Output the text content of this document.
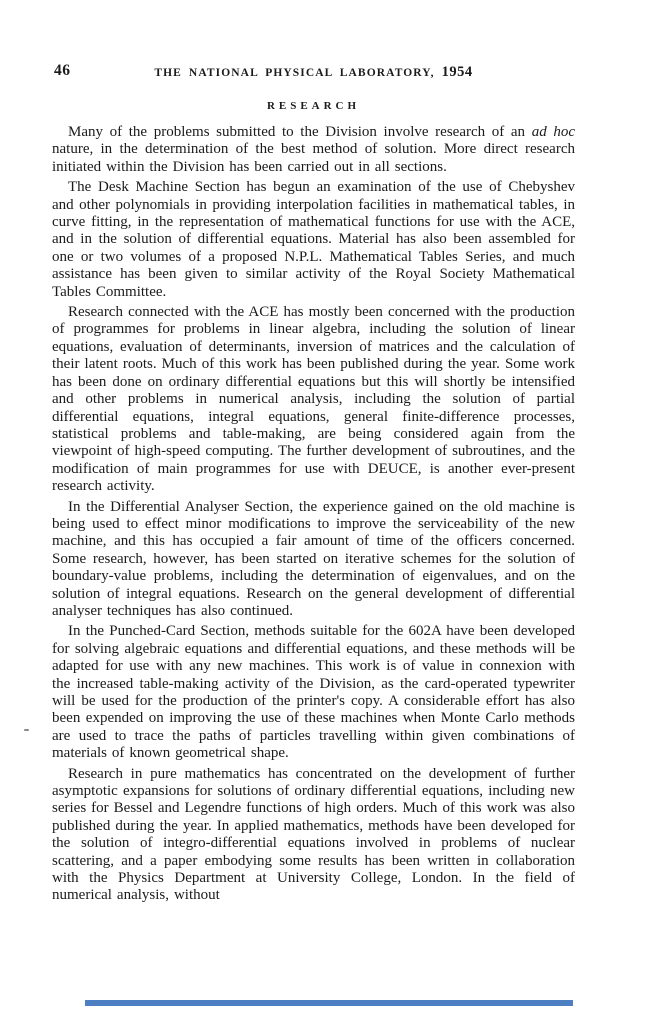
46	THE NATIONAL PHYSICAL LABORATORY, 1954
RESEARCH

Many of the problems submitted to the Division involve research of an ad hoc nature, in the determination of the best method of solution. More direct research initiated within the Division has been carried out in all sections.

The Desk Machine Section has begun an examination of the use of Chebyshev and other polynomials in providing interpolation facilities in mathematical tables, in curve fitting, in the representation of mathematical functions for use with the ACE, and in the solution of differential equations. Material has also been assembled for one or two volumes of a proposed N.P.L. Mathematical Tables Series, and much assistance has been given to similar activity of the Royal Society Mathematical Tables Committee.

Research connected with the ACE has mostly been concerned with the production of programmes for problems in linear algebra, including the solution of linear equations, evaluation of determinants, inversion of matrices and the calculation of their latent roots. Much of this work has been published during the year. Some work has been done on ordinary differential equations but this will shortly be intensified and other problems in numerical analysis, including the solution of partial differential equations, integral equations, general finite-difference processes, statistical problems and table-making, are being considered again from the viewpoint of high-speed computing. The further development of subroutines, and the modification of main programmes for use with DEUCE, is another ever-present research activity.

In the Differential Analyser Section, the experience gained on the old machine is being used to effect minor modifications to improve the serviceability of the new machine, and this has occupied a fair amount of time of the officers concerned. Some research, however, has been started on iterative schemes for the solution of boundary-value problems, including the determination of eigenvalues, and on the solution of integral equations. Research on the general development of differential analyser techniques has also continued.

In the Punched-Card Section, methods suitable for the 602A have been developed for solving algebraic equations and differential equations, and these methods will be adapted for use with any new machines. This work is of value in connexion with the increased table-making activity of the Division, as the card-operated typewriter will be used for the production of the printer's copy. A considerable effort has also been expended on improving the use of these machines when Monte Carlo methods are used to trace the paths of particles travelling within given combinations of materials of known geometrical shape.

Research in pure mathematics has concentrated on the development of further asymptotic expansions for solutions of ordinary differential equations, including new series for Bessel and Legendre functions of high orders. Much of this work was also published during the year. In applied mathematics, methods have been developed for the solution of integro-differential equations involved in problems of nuclear scattering, and a paper embodying some results has been written in collaboration with the Physics Department at University College, London. In the field of numerical analysis, without
